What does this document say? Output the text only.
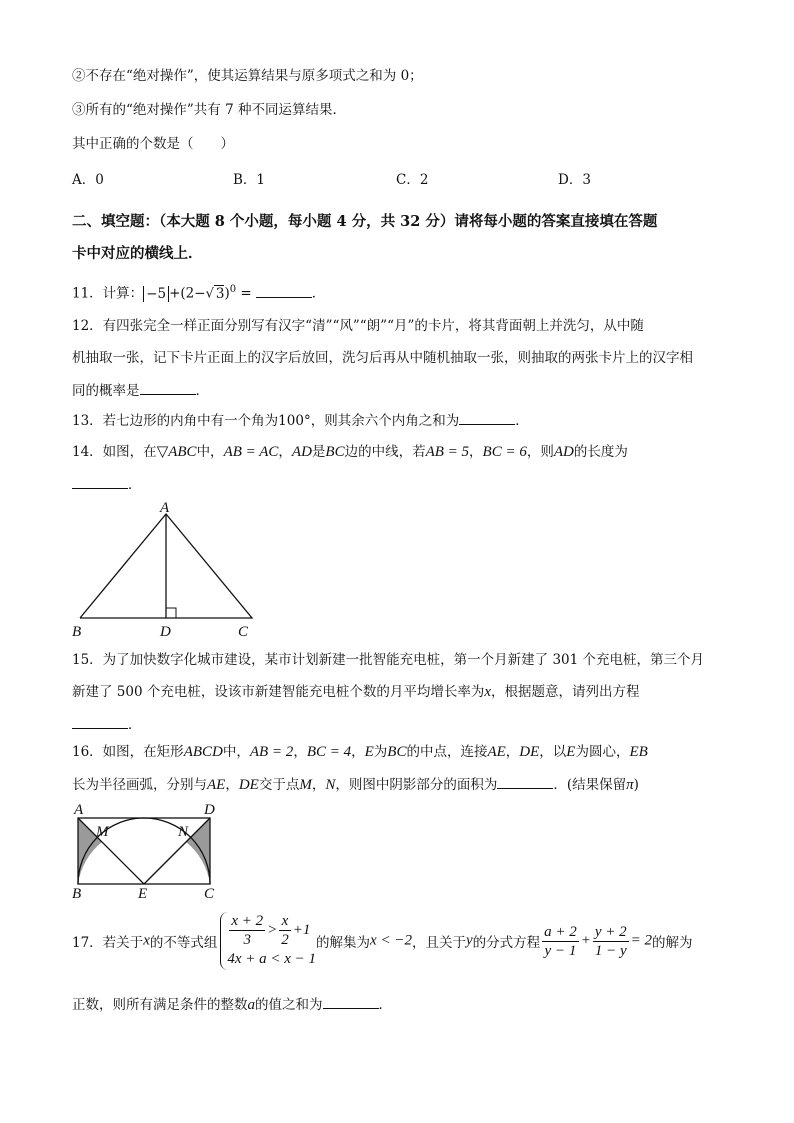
②不存在“绝对操作”，使其运算结果与原多项式之和为 0；
③所有的“绝对操作”共有 7 种不同运算结果．
其中正确的个数是（　　）
A．0	B．1	C．2	D．3
二、填空题：（本大题 8 个小题，每小题 4 分，共 32 分）请将每小题的答案直接填在答题
卡中对应的横线上．
11．计算： −5 +(2−√ 3)$^0$ =	．
12．有四张完全一样正面分别写有汉字“清”“风”“朗”“月”的卡片，将其背面朝上并洗匀，从中随
机抽取一张，记下卡片正面上的汉字后放回，洗匀后再从中随机抽取一张，则抽取的两张卡片上的汉字相
同的概率是	．
13．若七边形的内角中有一个角为100°，则其余六个内角之和为	．
14．如图，在▽ABC中，AB = AC，AD是BC边的中线，若AB = 5，BC = 6，则AD的长度为
．
A
B	D	C
15．为了加快数字化城市建设，某市计划新建一批智能充电桩，第一个月新建了 301 个充电桩，第三个月
新建了 500 个充电桩，设该市新建智能充电桩个数的月平均增长率为x，根据题意，请列出方程
．
16．如图，在矩形ABCD中，AB = 2，BC = 4，E为BC的中点，连接AE，DE，以E为圆心，EB
长为半径画弧，分别与AE，DE交于点M，N，则图中阴影部分的面积为	．(结果保留π)
A	D
B	E	C
M	N
17．若关于x的不等式组 $\frac{x + 2}{3} > \frac{x}{2} +1$
4x + a < x − 1
的解集为x < −2，且关于y的分式方程 $\frac{a + 2}{y - 1} + \frac{y + 2}{1 - y} = 2$的解为
正数，则所有满足条件的整数a的值之和为	．
